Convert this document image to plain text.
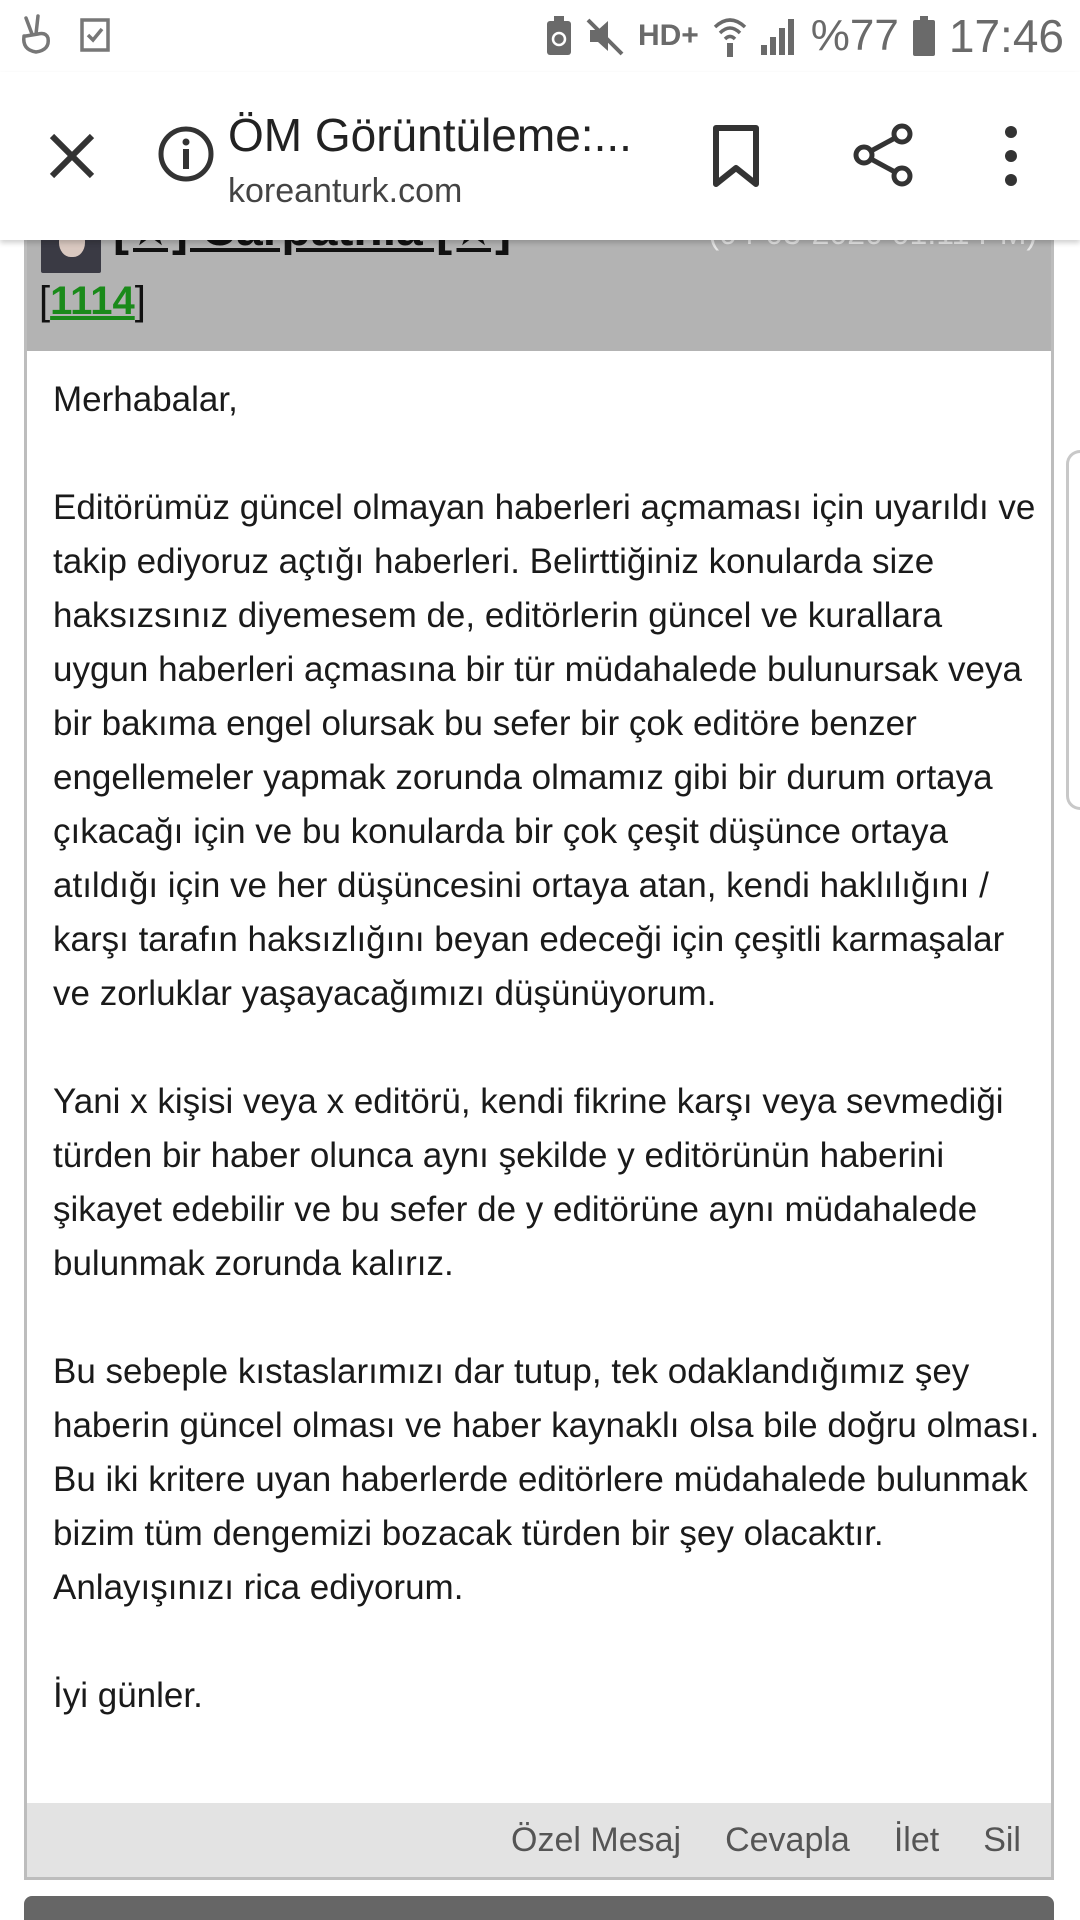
HD+	%77 17:46
ÖM Görüntüleme:...
koreanturk.com
[1114]

Merhabalar,

Editörümüz güncel olmayan haberleri açmaması için uyarıldı ve takip ediyoruz açtığı haberleri. Belirttiğiniz konularda size haksızsınız diyemesem de, editörlerin güncel ve kurallara uygun haberleri açmasına bir tür müdahalede bulunursak veya bir bakıma engel olursak bu sefer bir çok editöre benzer engellemeler yapmak zorunda olmamız gibi bir durum ortaya çıkacağı için ve bu konularda bir çok çeşit düşünce ortaya atıldığı için ve her düşüncesini ortaya atan, kendi haklılığını / karşı tarafın haksızlığını beyan edeceği için çeşitli karmaşalar ve zorluklar yaşayacağımızı düşünüyorum.

Yani x kişisi veya x editörü, kendi fikrine karşı veya sevmediği türden bir haber olunca aynı şekilde y editörünün haberini şikayet edebilir ve bu sefer de y editörüne aynı müdahalede bulunmak zorunda kalırız.

Bu sebeple kıstaslarımızı dar tutup, tek odaklandığımız şey haberin güncel olması ve haber kaynaklı olsa bile doğru olması. Bu iki kritere uyan haberlerde editörlere müdahalede bulunmak bizim tüm dengemizi bozacak türden bir şey olacaktır. Anlayışınızı rica ediyorum.

İyi günler.

Özel Mesaj Cevapla İlet Sil
